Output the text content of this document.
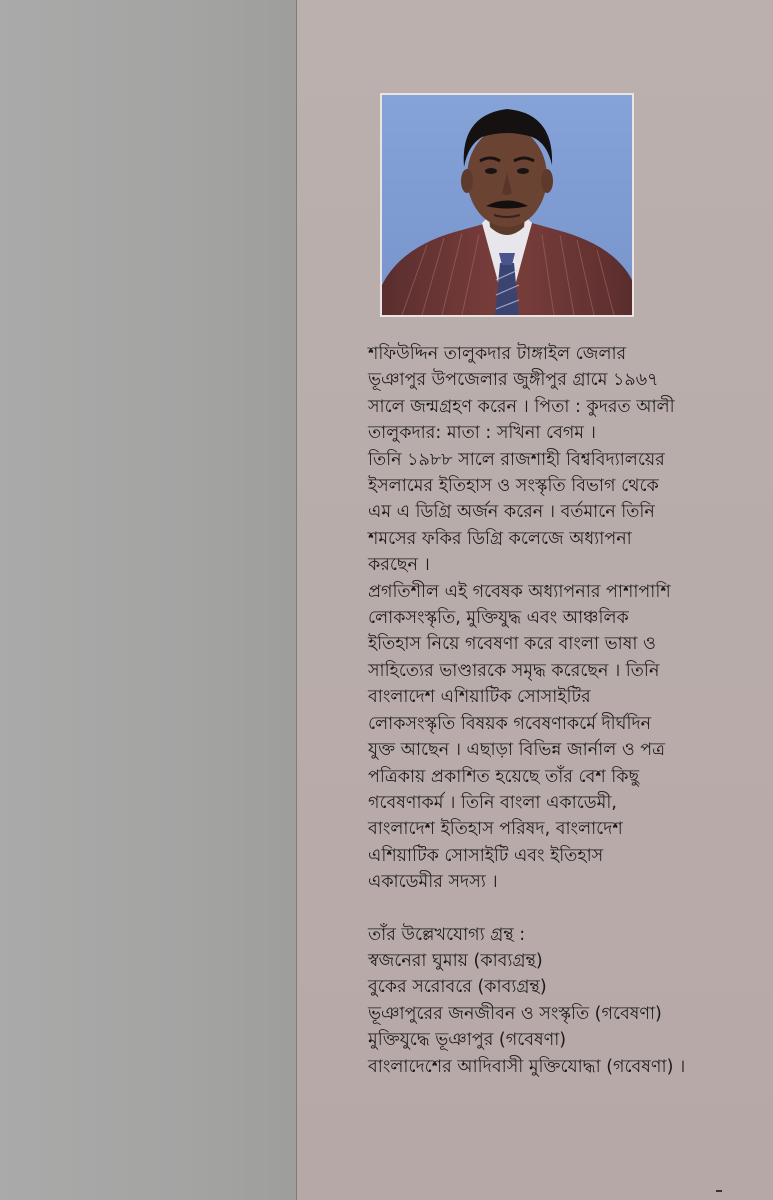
শফিউদ্দিন তালুকদার টাঙ্গাইল জেলার

ভূঞাপুর উপজেলার জুঙ্গীপুর গ্রামে ১৯৬৭

সালে জন্মগ্রহণ করেন । পিতা : কুদরত আলী

তালুকদার: মাতা : সখিনা বেগম ।

তিনি ১৯৮৮ সালে রাজশাহী বিশ্ববিদ্যালয়ের

ইসলামের ইতিহাস ও সংস্কৃতি বিভাগ থেকে

এম এ ডিগ্রি অর্জন করেন । বর্তমানে তিনি

শমসের ফকির ডিগ্রি কলেজে অধ্যাপনা

করছেন ।

প্রগতিশীল এই গবেষক অধ্যাপনার পাশাপাশি

লোকসংস্কৃতি, মুক্তিযুদ্ধ এবং আঞ্চলিক

ইতিহাস নিয়ে গবেষণা করে বাংলা ভাষা ও

সাহিত্যের ভাণ্ডারকে সমৃদ্ধ করেছেন । তিনি

বাংলাদেশ এশিয়াটিক সোসাইটির

লোকসংস্কৃতি বিষয়ক গবেষণাকর্মে দীর্ঘদিন

যুক্ত আছেন । এছাড়া বিভিন্ন জার্নাল ও পত্র

পত্রিকায় প্রকাশিত হয়েছে তাঁর বেশ কিছু

গবেষণাকর্ম । তিনি বাংলা একাডেমী,

বাংলাদেশ ইতিহাস পরিষদ, বাংলাদেশ

এশিয়াটিক সোসাইটি এবং ইতিহাস

একাডেমীর সদস্য ।

তাঁর উল্লেখযোগ্য গ্রন্থ :

স্বজনেরা ঘুমায় (কাব্যগ্রন্থ)
বুকের সরোবরে (কাব্যগ্রন্থ)
ভূঞাপুরের জনজীবন ও সংস্কৃতি (গবেষণা)
মুক্তিযুদ্ধে ভূঞাপুর (গবেষণা)
বাংলাদেশের আদিবাসী মুক্তিযোদ্ধা (গবেষণা) ।
